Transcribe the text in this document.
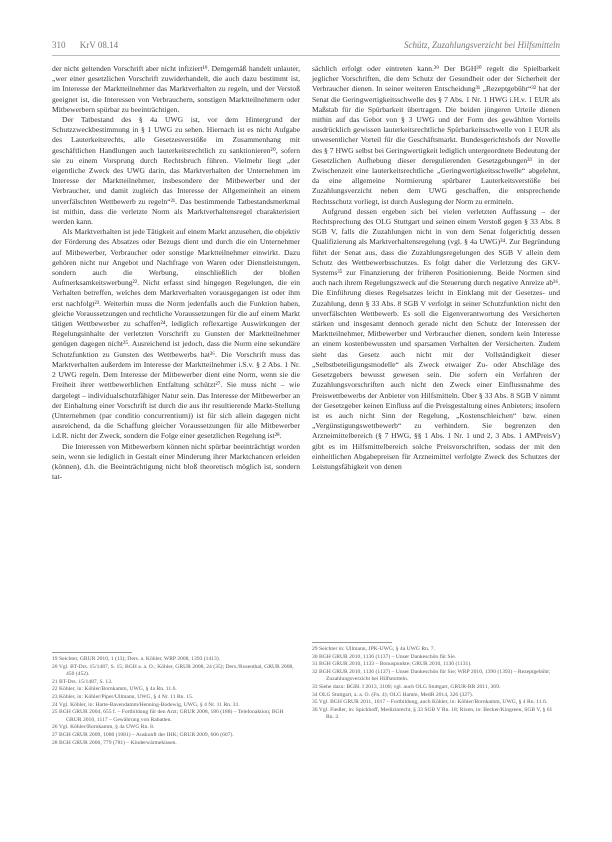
310 KrV 08.14	Schütz, Zuzahlungsverzicht bei Hilfsmitteln

der nicht geltenden Vorschrift aber nicht infiziert¹⁹. Demgemäß handelt unlauter, „wer einer gesetzlichen Vorschrift zuwiderhandelt, die auch dazu bestimmt ist, im Interesse der Marktteilnehmer das Marktverhalten zu regeln, und der Verstoß geeignet ist, die Interessen von Verbrauchern, sonstigen Marktteilnehmern oder Mitbewerbern spürbar zu beeinträchtigen.

Der Tatbestand des § 4a UWG ist, vor dem Hintergrund der Schutzzweckbestimmung in § 1 UWG zu sehen. Hiernach ist es nicht Aufgabe des Lauterkeitsrechts, alle Gesetzesverstöße im Zusammenhang mit geschäftlichen Handlungen auch lauterkeitsrechtlich zu sanktionieren²⁰, sofern sie zu einem Vorsprung durch Rechtsbruch führen. Vielmehr liegt „der eigentliche Zweck des UWG darin, das Marktverhalten der Unternehmen im Interesse der Marktteilnehmer, insbesondere der Mitbewerber und der Verbraucher, und damit zugleich das Interesse der Allgemeinheit an einem unverfälschten Wettbewerb zu regeln“²¹. Das bestimmende Tatbestandsmerkmal ist mithin, dass die verletzte Norm als Marktverhaltensregel charakterisiert werden kann.

Als Marktverhalten ist jede Tätigkeit auf einem Markt anzusehen, die objektiv der Förderung des Absatzes oder Bezugs dient und durch die ein Unternehmer auf Mitbewerber, Verbraucher oder sonstige Marktteilnehmer einwirkt. Dazu gehören nicht nur Angebot und Nachfrage von Waren oder Dienstleistungen, sondern auch die Werbung, einschließlich der bloßen Aufmerksamkeitswerbung²². Nicht erfasst sind hingegen Regelungen, die ein Verhalten betreffen, welches dem Marktverhalten vorausgegangen ist oder ihm erst nachfolgt²³. Weiterhin muss die Norm jedenfalls auch die Funktion haben, gleiche Voraussetzungen und rechtliche Voraussetzungen für die auf einem Markt tätigen Wettbewerber zu schaffen²⁴, lediglich reflexartige Auswirkungen der Regelungsinhalte der verletzten Vorschrift zu Gunsten der Marktteilnehmer genügen dagegen nicht²⁵. Ausreichend ist jedoch, dass die Norm eine sekundäre Schutzfunktion zu Gunsten des Wettbewerbs hat²⁶. Die Vorschrift muss das Marktverhalten außerdem im Interesse der Marktteilnehmer i.S.v. § 2 Abs. 1 Nr. 2 UWG regeln. Dem Interesse der Mitbewerber dient eine Norm, wenn sie die Freiheit ihrer wettbewerblichen Entfaltung schützt²⁷. Sie muss nicht – wie dargelegt – individualschutzfähiger Natur sein. Das Interesse der Mitbewerber an der Einhaltung einer Vorschrift ist durch die aus ihr resultierende Markt-Stellung (Unternehmen (par conditio concurrentium)) ist für sich allein dagegen nicht ausreichend, da die Schaffung gleicher Voraussetzungen für alle Mitbewerber i.d.R. nicht der Zweck, sondern die Folge einer gesetzlichen Regelung ist²⁸.

Die Interessen von Mitbewerbern können nicht spürbar beeinträchtigt worden sein, wenn sie lediglich in Gestalt einer Minderung ihrer Marktchancen erleiden (können), d.h. die Beeinträchtigung nicht bloß theoretisch möglich ist, sondern tat-

sächlich erfolgt oder eintreten kann.²⁹ Der BGH³⁰ regelt die Spielbarkeit jeglicher Vorschriften, die dem Schutz der Gesundheit oder der Sicherheit der Verbraucher dienen. In seiner weiteren Entscheidung³¹ „Rezeptgebühr“³² hat der Senat die Geringwertigkeitsschwelle des § 7 Abs. 1 Nr. 1 HWG i.H.v. 1 EUR als Maßstab für die Spürbarkeit übertragen. Die beiden jüngeren Urteile dienen mithin auf das Gebot von § 3 UWG und der Form des gewählten Vorteils ausdrücklich gewissen lauterkeitsrechtliche Spürbarkeitsschwelle von 1 EUR als unwesentlicher Vorteil für die Geschäftsmarkt. Bundesgerichtshofs der Novelle des § 7 HWG selbst bei Geringwertigkeit lediglich untergeordnete Bedeutung der Gesetzlichen Aufhebung dieser deregulierenden Gesetzgebungen³³ in der Zwischenzeit eine lauterkeitsrechtliche „Geringwertigkeitsschwelle“ abgelehnt, da eine allgemeine Normierung spürbarer Lauterkeitsverstöße bei Zuzahlungsverzicht neben dem UWG geschaffen, die entsprechende Rechtsschutz vorliegt, ist durch Auslegung der Norm zu ermitteln.

Aufgrund dessen ergeben sich bei vielen verletzten Auffassung – der Rechtsprechung des OLG Stuttgart und seinen einem Verstoß gegen § 33 Abs. 8 SGB V, falls die Zuzahlungen nicht in von dem Senat folgerichtig dessen Qualifizierung als Marktverhaltensregelung (vgl. § 4a UWG)³⁴. Zur Begründung führt der Senat aus, dass die Zuzahlungsregelungen des SGB V allein dem Schutz des Wettbewerbsschutzes. Es folgt daher die Verletzung des GKV-Systems³⁵ zur Finanzierung der früheren Positionierung. Beide Normen sind auch nach ihrem Regelungszweck auf die Steuerung durch negative Anreize ab³⁶. Die Einführung dieses Regelsatzes leicht in Einklang mit der Gesetzes- und Zuzahlung, denn § 33 Abs. 8 SGB V verfolgt in seiner Schutzfunktion nicht den unverfälschten Wettbewerb. Es soll die Eigenverantwortung des Versicherten stärken und insgesamt dennoch gerade nicht den Schutz der Interessen der Marktteilnehmer, Mitbewerber und Verbraucher dienen, sondern kein Interesse an einem kostenbewussten und sparsamen Verhalten der Versicherten. Zudem sieht das Gesetz auch nicht mit der Vollständigkeit dieser „Selbstbeteiligungsmodelle“ als Zweck etwaiger Zu- oder Abschläge des Gesetzgebers bewusst gewesen sein. Die sofern ein Verfahren der Zuzahlungsvorschriften auch nicht den Zweck einer Einflussnahme des Preiswettbewerbs der Anbieter von Hilfsmitteln. Über § 33 Abs. 8 SGB V nimmt der Gesetzgeber keinen Einfluss auf die Preisgestaltung eines Anbieters; insofern ist es auch nicht Sinn der Regelung, „Kostenschleichen“ bzw. einen „Vergünstigungswettbewerb“ zu verhindern. Sie begrenzen den Arzneimittelbereich (§ 7 HWG, §§ 1 Abs. 1 Nr. 1 und 2, 3 Abs. 1 AMPreisV) gibt es im Hilfsmittelbereich solche Preisvorschriften, sodass der mit den einheitlichen Abgabepreisen für Arzneimittel verfolgte Zweck des Schutzes der Leistungsfähigkeit von denen

19 Seichter, GRUR 2010, 1 (13); Ders. a. Köhler, WRP 2008, 1393 (1413).

20 Vgl. BT-Drs. 15/1487, S. 15; BGH a. a. O.; Köhler, GRUR 2008, 24 (35); Ders./Rosenthal, GRUR 2008, 450 (452).

21 BT-Drs. 15/1487, S. 13.

22 Köhler, in: Köhler/Bornkamm, UWG, § 4a Rn. 11.6.

23 Köhler, in: Köhler/Piper/Ullmann, UWG, § 4 Nr. 11 Rn. 15.

24 Vgl. Köhler, in: Harte-Bavendamm/Henning-Bodewig, UWG, § 4 Nr. 11 Rn. 31.

25 BGH GRUR 2004, 655 f. – Fortbildung für den Arzt; GRUR 2008, 186 (188) – Telefonaktion; BGH GRUR 2010, 1117 – Gewährung von Rabatten.

26 Vgl. Köhler/Bornkamm, § 4a UWG Rn. 8.

27 BGH GRUR 2009, 1080 (1081) – Auskunft der IHK; GRUR 2009, 606 (607).

28 BGH GRUR 2006, 779 (781) – Kinderwärmekissen.

29 Seichter in: Ullmann, JPK-UWG, § 4a UWG Rn. 7.

30 BGH GRUR 2010, 1136 (1137) – Unser Dankeschön für Sie.

31 BGH GRUR 2010, 1133 – Bonuspunkte; GRUR 2010, 1130 (1131).

32 BGH GRUR 2010, 1136 (1137) – Unser Dankeschön für Sie; WRP 2010, 1390 (1393) – Rezeptgebühr; Zuzahlungsverzicht bei Hilfsmitteln.

33 Siehe dazu: BGBl. I 2013, 3108; vgl. auch OLG Stuttgart, GRUR-RR 2011, 369.

34 OLG Stuttgart, a. a. O. (Fn. 4); OLG Hamm, MedR 2014, 326 (327).

35 Vgl. BGH GRUR 2011, 1017 – Fortbildung, auch Köhler, in: Köhler/Bornkamm, UWG, § 4 Rn. 11.6.

36 Vgl. Fiedler, in: Spickhoff, Medizinrecht, § 33 SGB V Rn. 18; Rixen, in: Becker/Kingreen, SGB V, § 61 Rn. 2.
